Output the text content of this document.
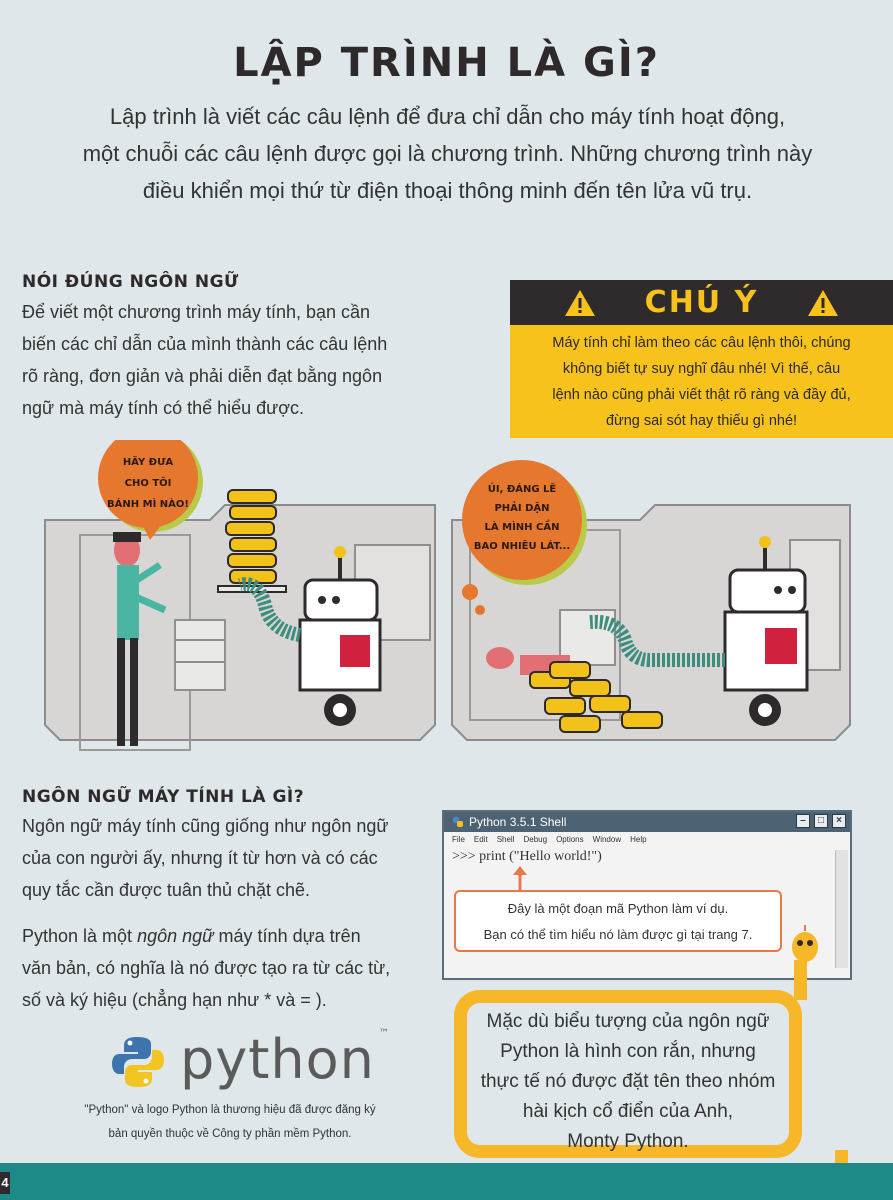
LẬP TRÌNH LÀ GÌ?
Lập trình là viết các câu lệnh để đưa chỉ dẫn cho máy tính hoạt động,
một chuỗi các câu lệnh được gọi là chương trình. Những chương trình này
điều khiển mọi thứ từ điện thoại thông minh đến tên lửa vũ trụ.
NÓI ĐÚNG NGÔN NGỮ
Để viết một chương trình máy tính, bạn cần
biến các chỉ dẫn của mình thành các câu lệnh
rõ ràng, đơn giản và phải diễn đạt bằng ngôn
ngữ mà máy tính có thể hiểu được.
CHÚ Ý
Máy tính chỉ làm theo các câu lệnh thôi, chúng
không biết tự suy nghĩ đâu nhé! Vì thế, câu
lệnh nào cũng phải viết thật rõ ràng và đầy đủ,
đừng sai sót hay thiếu gì nhé!
HÃY ĐƯA
CHO TÔI
BÁNH MÌ NÀO!
ÚI, ĐÁNG LẼ
PHẢI DẶN
LÀ MÌNH CẦN
BAO NHIÊU LÁT...
NGÔN NGỮ MÁY TÍNH LÀ GÌ?

Ngôn ngữ máy tính cũng giống như ngôn ngữ
của con người ấy, nhưng ít từ hơn và có các
quy tắc cần được tuân thủ chặt chẽ.

Python là một ngôn ngữ máy tính dựa trên
văn bản, có nghĩa là nó được tạo ra từ các từ,
số và ký hiệu (chẳng hạn như * và = ).

Python 3.5.1 Shell	–	□	×
File Edit Shell Debug Options Window Help
>>> print ("Hello world!")
Đây là một đoạn mã Python làm ví dụ.
Bạn có thể tìm hiểu nó làm được gì tại trang 7.
Mặc dù biểu tượng của ngôn ngữ
Python là hình con rắn, nhưng
thực tế nó được đặt tên theo nhóm
hài kịch cổ điển của Anh,
Monty Python.
python ™
"Python" và logo Python là thương hiệu đã được đăng ký
bản quyền thuộc về Công ty phần mềm Python.
4
